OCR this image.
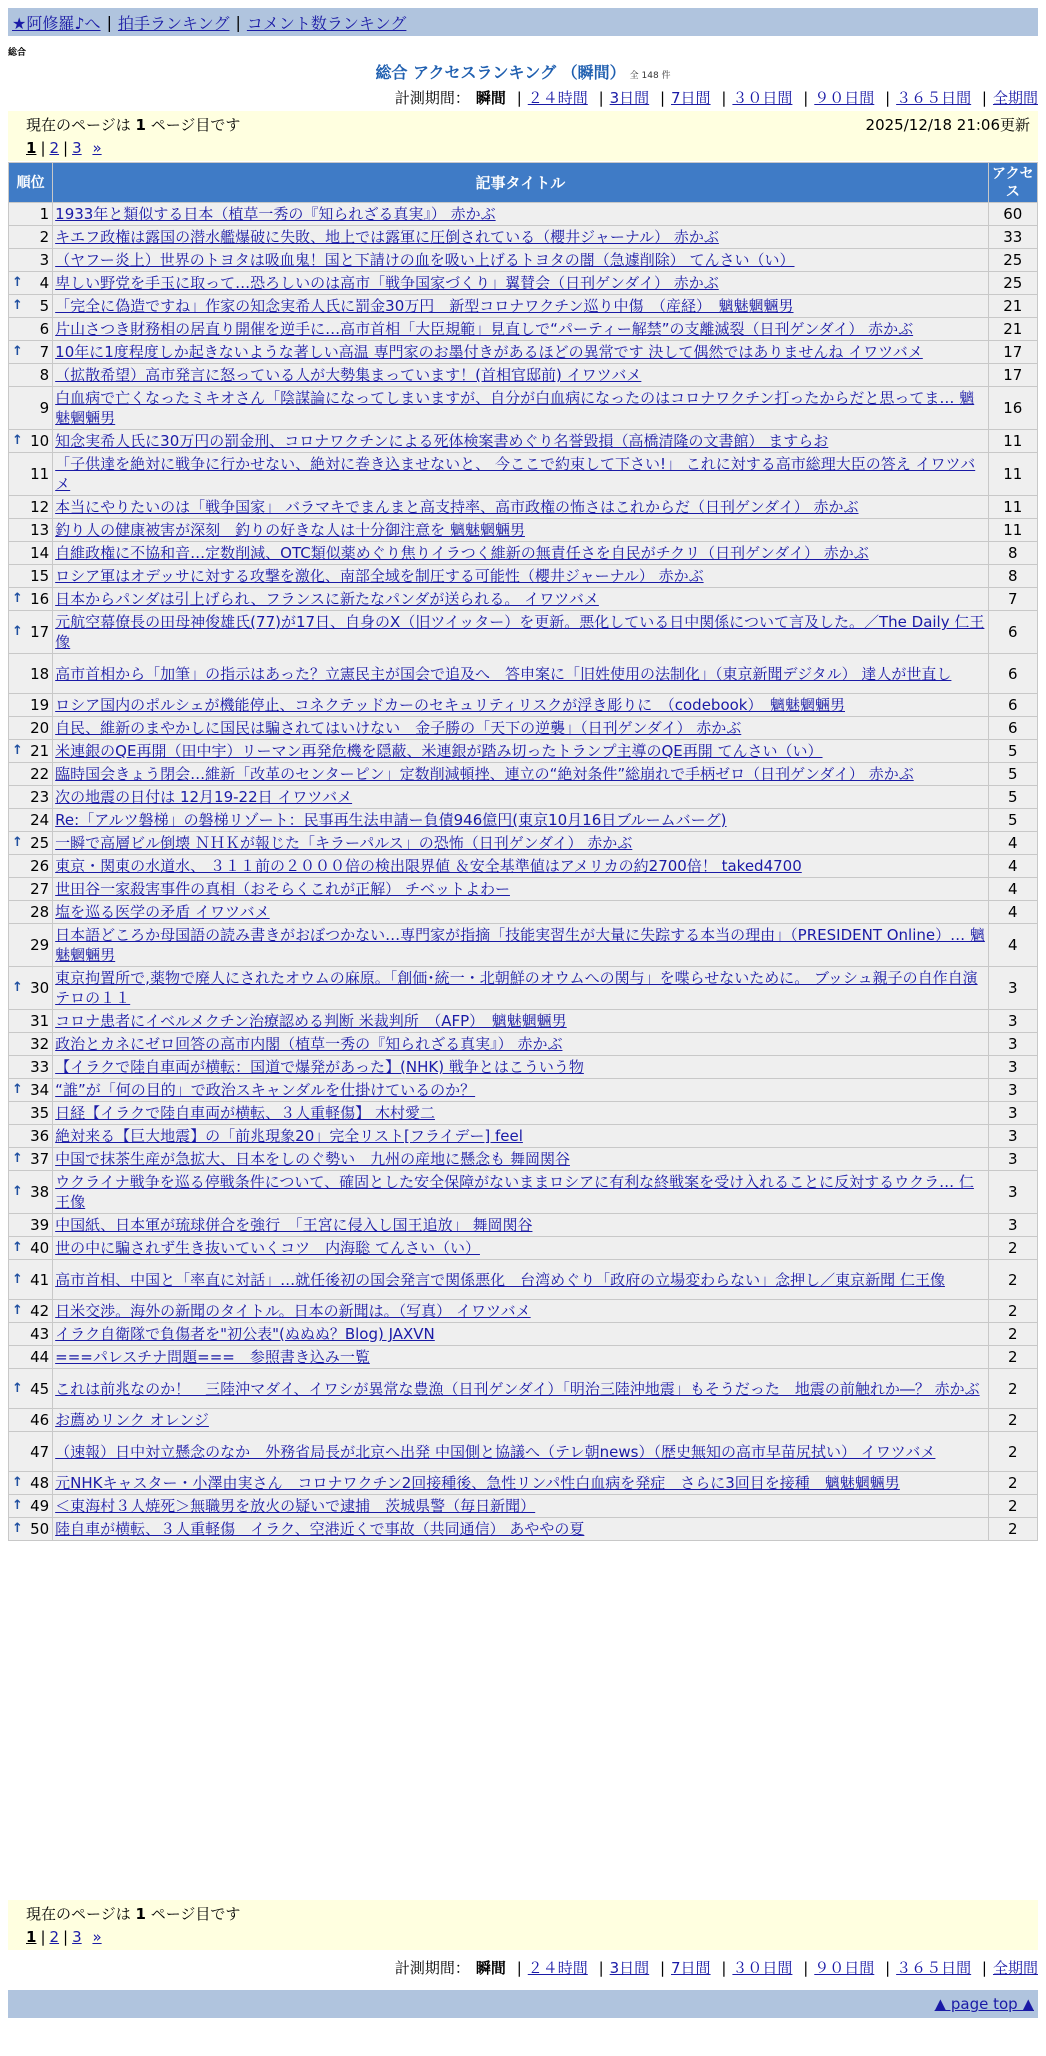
★阿修羅♪へ | 拍手ランキング | コメント数ランキング
総合
総合 アクセスランキング （瞬間） 全 148 件
計測期間： 瞬間 | ２４時間 | 3日間 | 7日間 | ３０日間 | ９０日間 | ３６５日間 | 全期間
現在のページは 1 ページ目です	2025/12/18 21:06更新
1 | 2 | 3 »
順位	記事タイトル	アクセス
1	1933年と類似する日本（植草一秀の『知られざる真実』） 赤かぶ	60
2	キエフ政権は露国の潜水艦爆破に失敗、地上では露軍に圧倒されている（櫻井ジャーナル） 赤かぶ	33
3	（ヤフー炎上）世界のトヨタは吸血鬼！国と下請けの血を吸い上げるトヨタの闇（急遽削除） てんさい（い）	25

↑ 4	卑しい野党を手玉に取って…恐ろしいのは高市「戦争国家づくり」翼賛会（日刊ゲンダイ） 赤かぶ	25

↑ 5	「完全に偽造ですね」作家の知念実希人氏に罰金30万円　新型コロナワクチン巡り中傷　（産経）　魑魅魍魎男	21
6	片山さつき財務相の居直り開催を逆手に…高市首相「大臣規範」見直しで“パーティー解禁”の支離滅裂（日刊ゲンダイ） 赤かぶ	21

↑ 7	10年に1度程度しか起きないような著しい高温 専門家のお墨付きがあるほどの異常です 決して偶然ではありませんね イワツバメ	17
8	（拡散希望）高市発言に怒っている人が大勢集まっています！(首相官邸前) イワツバメ	17
9	白血病で亡くなったミキオさん「陰謀論になってしまいますが、自分が白血病になったのはコロナワクチン打ったからだと思ってま… 魑魅魍魎男	16

↑ 10	知念実希人氏に30万円の罰金刑、コロナワクチンによる死体検案書めぐり名誉毀損（高橋清隆の文書館） ますらお	11
11	「子供達を絶対に戦争に行かせない、絶対に巻き込ませないと、 今ここで約束して下さい!」 これに対する高市総理大臣の答え イワツバメ	11
12	本当にやりたいのは「戦争国家」 バラマキでまんまと高支持率、高市政権の怖さはこれからだ（日刊ゲンダイ） 赤かぶ	11
13	釣り人の健康被害が深刻　釣りの好きな人は十分御注意を 魑魅魍魎男	11
14	自維政権に不協和音…定数削減、OTC類似薬めぐり焦りイラつく維新の無責任さを自民がチクリ（日刊ゲンダイ） 赤かぶ	8
15	ロシア軍はオデッサに対する攻撃を激化、南部全域を制圧する可能性（櫻井ジャーナル） 赤かぶ	8

↑ 16	日本からパンダは引上げられ、フランスに新たなパンダが送られる。 イワツバメ	7

↑ 17	元航空幕僚長の田母神俊雄氏(77)が17日、自身のX（旧ツイッター）を更新。悪化している日中関係について言及した。／The Daily 仁王像	6
18	高市首相から「加筆」の指示はあった？立憲民主が国会で追及へ　答申案に「旧姓使用の法制化」（東京新聞デジタル） 達人が世直し	6
19	ロシア国内のポルシェが機能停止、コネクテッドカーのセキュリティリスクが浮き彫りに　（codebook）　魑魅魍魎男	6
20	自民、維新のまやかしに国民は騙されてはいけない　金子勝の「天下の逆襲」（日刊ゲンダイ） 赤かぶ	6

↑ 21	米連銀のQE再開（田中宇）リーマン再発危機を隠蔽、米連銀が踏み切ったトランプ主導のQE再開 てんさい（い）	5
22	臨時国会きょう閉会…維新「改革のセンターピン」定数削減頓挫、連立の“絶対条件”総崩れで手柄ゼロ（日刊ゲンダイ） 赤かぶ	5
23	次の地震の日付は 12月19-22日 イワツバメ	5
24	Re:「アルツ磐梯」の磐梯リゾート：民事再生法申請ー負債946億円(東京10月16日ブルームバーグ)	5

↑ 25	一瞬で高層ビル倒壊 ＮＨＫが報じた「キラーパルス」の恐怖（日刊ゲンダイ） 赤かぶ	4
26	東京・関東の水道水、 ３１１前の２０００倍の検出限界値 ＆安全基準値はアメリカの約2700倍！ taked4700	4
27	世田谷一家殺害事件の真相（おそらくこれが正解） チベットよわー	4
28	塩を巡る医学の矛盾 イワツバメ	4
29	日本語どころか母国語の読み書きがおぼつかない…専門家が指摘「技能実習生が大量に失踪する本当の理由」（PRESIDENT Online）… 魑魅魍魎男	4

↑ 30	東京拘置所で,薬物で廃人にされたオウムの麻原。「創価･統一・北朝鮮のオウムへの関与」を喋らせないために。 ブッシュ親子の自作自演テロの１１	3
31	コロナ患者にイベルメクチン治療認める判断 米裁判所　（AFP）　魑魅魍魎男	3
32	政治とカネにゼロ回答の高市内閣（植草一秀の『知られざる真実』） 赤かぶ	3
33	【イラクで陸自車両が横転：国道で爆発があった】(NHK) 戦争とはこういう物	3

↑ 34	“誰”が「何の目的」で政治スキャンダルを仕掛けているのか？	3
35	日経【イラクで陸自車両が横転、３人重軽傷】 木村愛二	3
36	絶対来る【巨大地震】の「前兆現象20」完全リスト[フライデー] feel	3

↑ 37	中国で抹茶生産が急拡大、日本をしのぐ勢い　九州の産地に懸念も 舞岡関谷	3

↑ 38	ウクライナ戦争を巡る停戦条件について、確固とした安全保障がないままロシアに有利な終戦案を受け入れることに反対するウクラ… 仁王像	3
39	中国紙、日本軍が琉球併合を強行　「王宮に侵入し国王追放」 舞岡関谷	3

↑ 40	世の中に騙されず生き抜いていくコツ　内海聡 てんさい（い）	2

↑ 41	高市首相、中国と「率直に対話」…就任後初の国会発言で関係悪化　台湾めぐり「政府の立場変わらない」念押し／東京新聞 仁王像	2

↑ 42	日米交渉。海外の新聞のタイトル。日本の新聞は。（写真） イワツバメ	2
43	イラク自衛隊で負傷者を"初公表"(ぬぬぬ？Blog) JAXVN	2
44	===パレスチナ問題===　参照書き込み一覧	2

↑ 45	これは前兆なのか！　三陸沖マダイ、イワシが異常な豊漁（日刊ゲンダイ）「明治三陸沖地震」もそうだった　地震の前触れか―？ 赤かぶ	2
46	お薦めリンク オレンジ	2
47	（速報）日中対立懸念のなか　外務省局長が北京へ出発 中国側と協議へ（テレ朝news）（歴史無知の高市早苗尻拭い） イワツバメ	2

↑ 48	元NHKキャスター・小澤由実さん　コロナワクチン2回接種後、急性リンパ性白血病を発症　さらに3回目を接種　魑魅魍魎男	2

↑ 49	＜東海村３人焼死＞無職男を放火の疑いで逮捕　茨城県警（毎日新聞）	2

↑ 50	陸自車が横転、３人重軽傷　イラク、空港近くで事故（共同通信） あややの夏	2
現在のページは 1 ページ目です
1 | 2 | 3 »
計測期間： 瞬間 | ２４時間 | 3日間 | 7日間 | ３０日間 | ９０日間 | ３６５日間 | 全期間
▲ page top ▲
